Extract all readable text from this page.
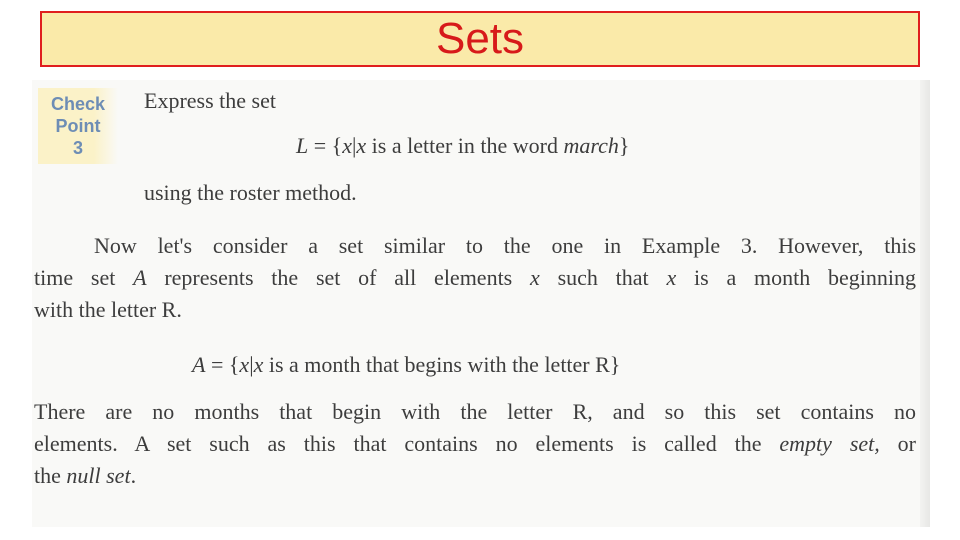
Sets
Check
Point
3
Express the set
L = {x|x is a letter in the word march}
using the roster method.
Now let's consider a set similar to the one in Example 3. However, this
time set A represents the set of all elements x such that x is a month beginning
with the letter R.
A = {x|x is a month that begins with the letter R}
There are no months that begin with the letter R, and so this set contains no
elements. A set such as this that contains no elements is called the empty set, or
the null set.
